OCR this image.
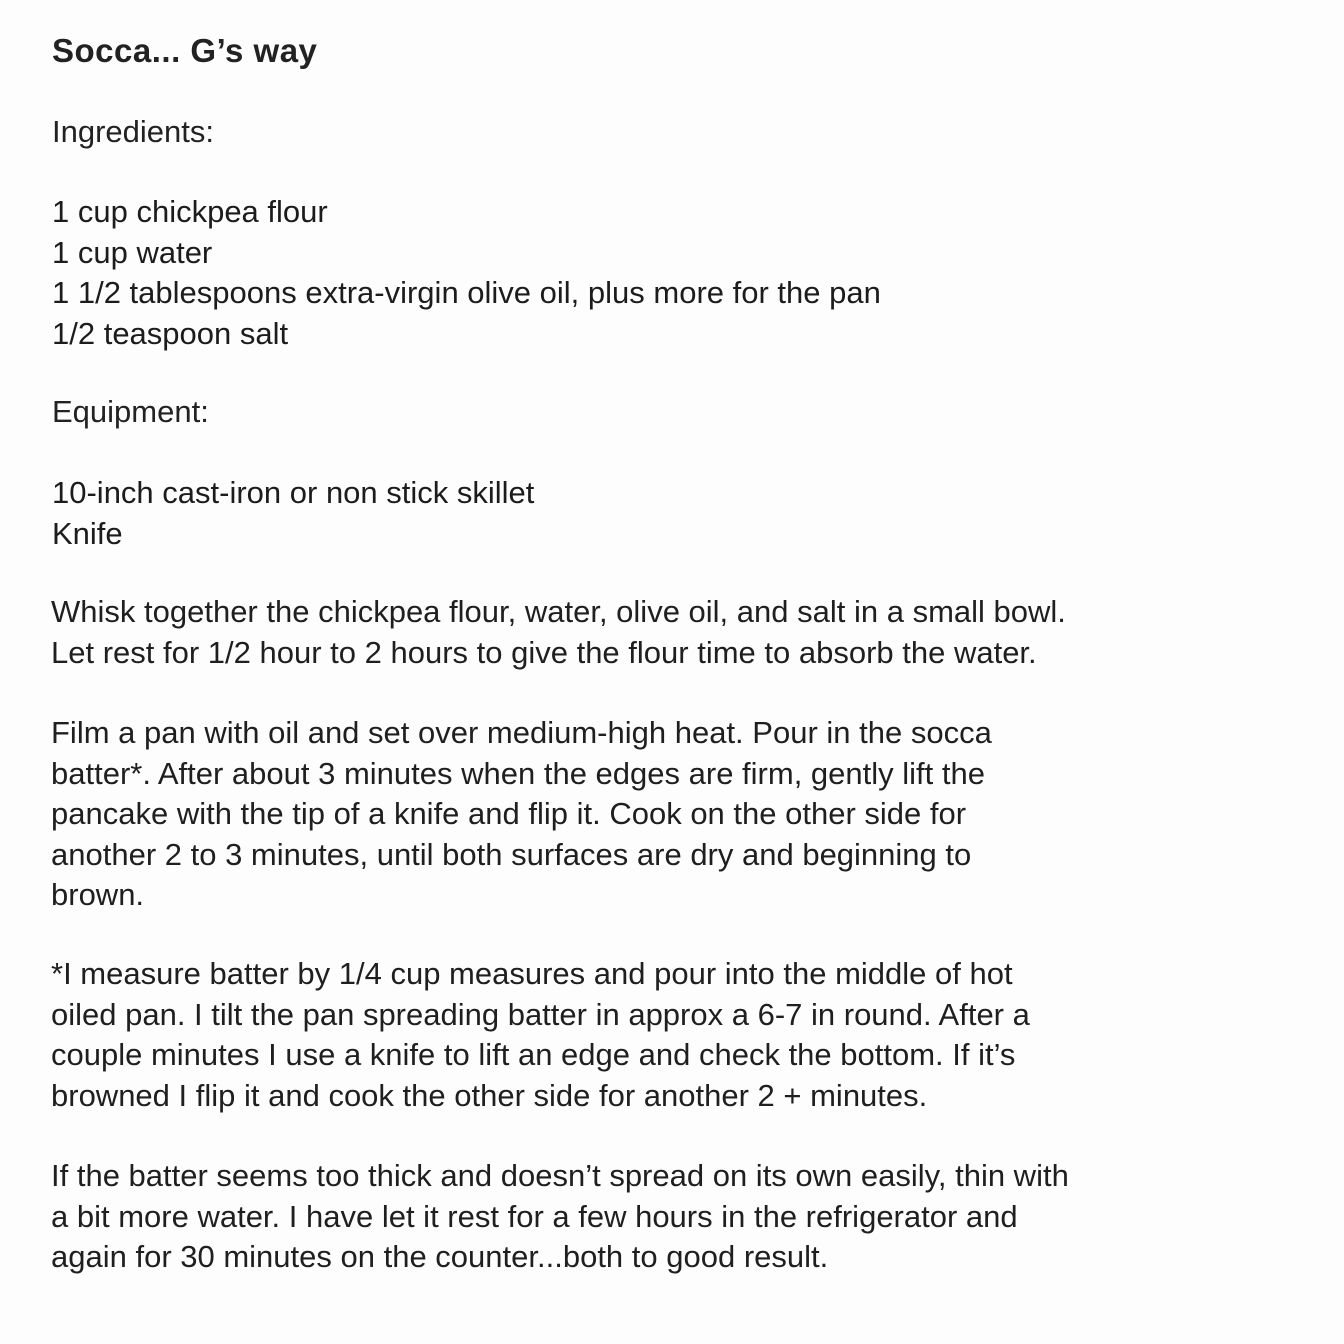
Socca... G’s way
Ingredients:
1 cup chickpea flour
1 cup water
1 1/2 tablespoons extra-virgin olive oil, plus more for the pan
1/2 teaspoon salt
Equipment:
10-inch cast-iron or non stick skillet
Knife

Whisk together the chickpea flour, water, olive oil, and salt in a small bowl.
Let rest for 1/2 hour to 2 hours to give the flour time to absorb the water.

Film a pan with oil and set over medium-high heat. Pour in the socca
batter*. After about 3 minutes when the edges are firm, gently lift the
pancake with the tip of a knife and flip it. Cook on the other side for
another 2 to 3 minutes, until both surfaces are dry and beginning to
brown.

*I measure batter by 1/4 cup measures and pour into the middle of hot
oiled pan. I tilt the pan spreading batter in approx a 6-7 in round. After a
couple minutes I use a knife to lift an edge and check the bottom. If it’s
browned I flip it and cook the other side for another 2 + minutes.

If the batter seems too thick and doesn’t spread on its own easily, thin with
a bit more water. I have let it rest for a few hours in the refrigerator and
again for 30 minutes on the counter...both to good result.
